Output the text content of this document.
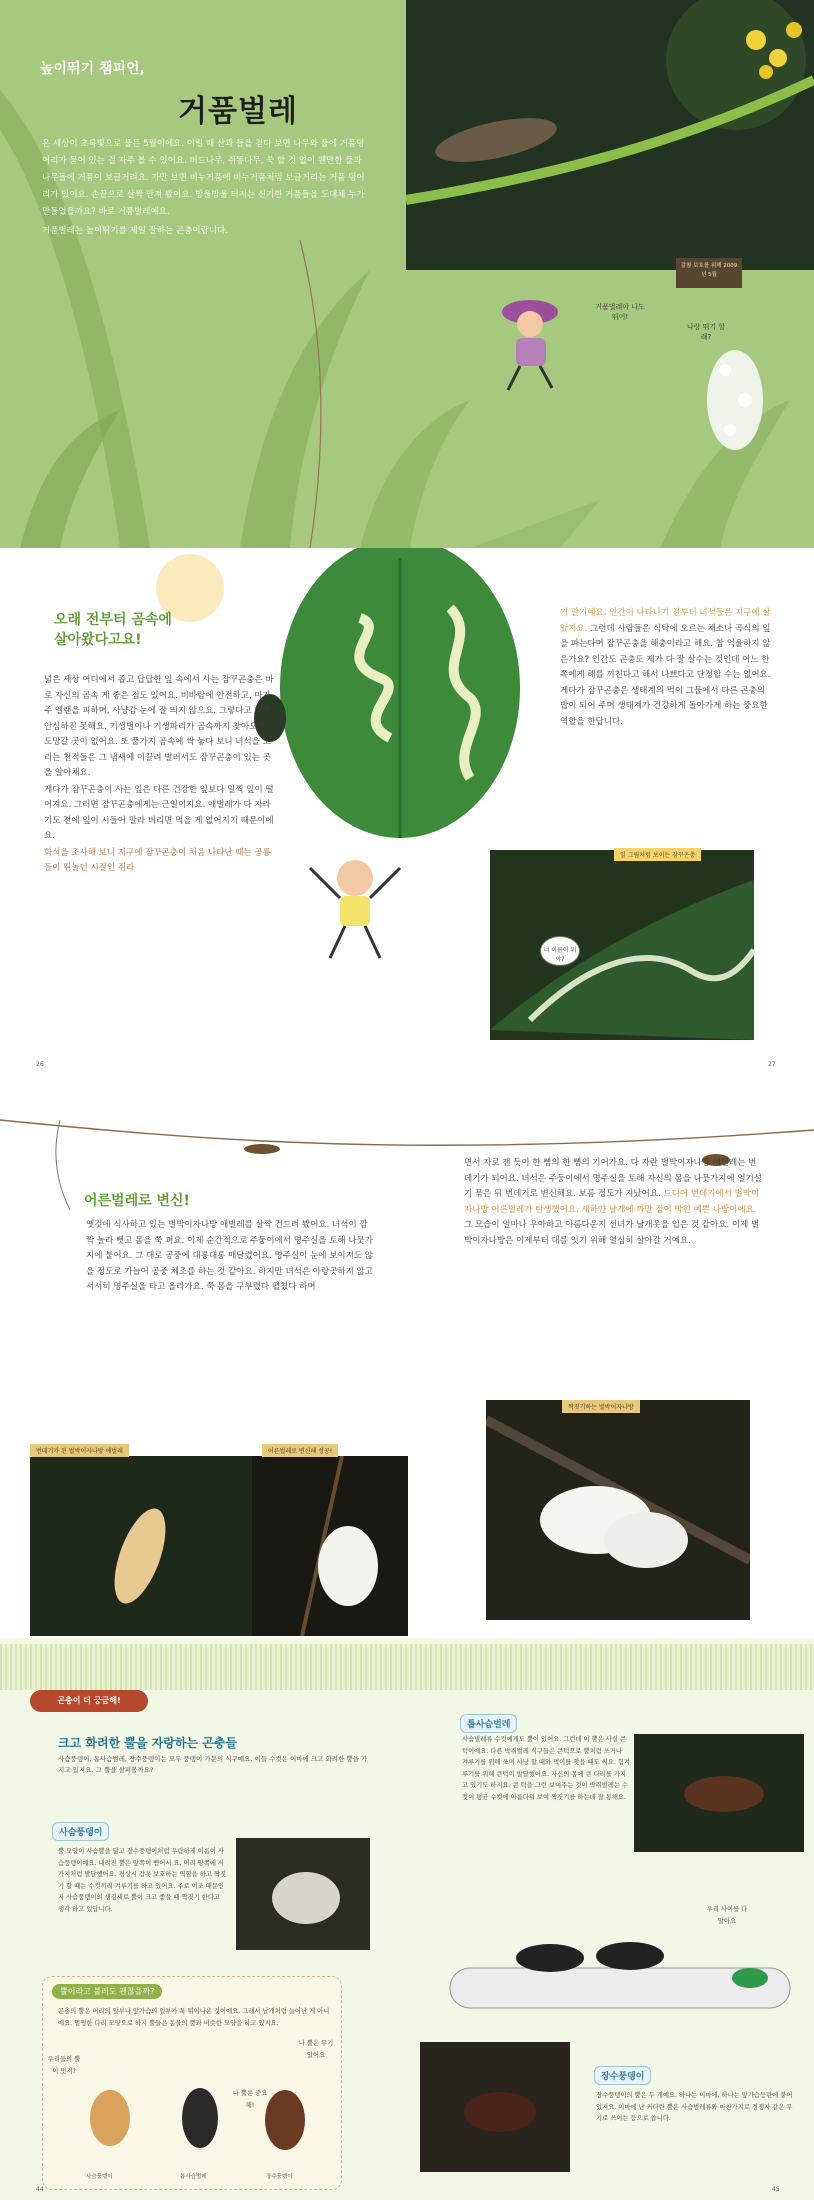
높이뛰기 챔피언,
거품벌레

온 세상이 초록빛으로 물든 5월이에요. 이럴 때 산과 들을 걷다 보면 나무와 풀에 거품덩어리가 묻어 있는 걸 자주 볼 수 있어요. 버드나무, 쥐똥나무, 쑥 할 것 없이 웬만한 풀과 나무들에 거품이 보글거려요. 가만 보면 비누거품에 비누거품처럼 보글거리는 거품 덩어리가 있어요. 손끝으로 살짝 만져 봤어요. 방울방울 터지는 신기한 거품들을 도대체 누가 만들었을까요? 바로 거품벌레예요.

거품벌레는 높이뛰기를 제일 잘하는 곤충이랍니다.

갈참 보호를 위해 2009년 5월
거품벌레야 나도 뛰어!
나랑 뛰기 할래?
오래 전부터 곰속에
살아왔다고요!

넓은 세상 어디에서 좁고 답답한 잎 속에서 사는 잠꾸곤충은 바로 자신의 곰속 게 좋은 점도 있어요. 비바람에 안전하고, 마가주 엘랜을 피하며, 사냥감 눈에 잘 띄지 않으요. 그렇다고 너무 안심하진 못해요. 기생벌이나 기생파리가 곰속까지 찾아오면 도망갈 곳이 없어요. 또 풀가지 곰속에 싹 놓다 보니 녀석을 노리는 천적들은 그 냄새에 이끌려 벌러서도 잠꾸곤충이 있는 곳을 알아채요.

게다가 잠꾸곤충이 사는 잎은 다른 건강한 잎보다 일찍 잎이 떨어져요. 그러면 잠꾸곤충에게는 근일이지요. 애벌레가 다 자라기도 전에 잎이 시들어 말라 버리면 먹을 게 없어지기 때문이에요.

화석을 조사해 보니 지구에 잠꾸곤충이 처음 나타난 때는 공룡들이 뛰놀던 시절인 쥐라

기 말기예요. 인간이 나타나기 전부터 녀석들은 지구에 살았지요. 그런데 사람들은 식탁에 오르는 채소나 곡식의 잎을 파는다며 잠꾸곤충을 해충이라고 해요. 참 억울하지 않은가요? 인간도 곤충도 제가 다 잘 살수는 것인데 어느 한쪽에게 해를 끼친다고 해서 나쁘다고 단정할 수는 없어요. 게다가 잠꾸곤충은 생태계의 먹이 그물에서 다른 곤충의 밥이 되어 주며 생태계가 건강하게 돌아가게 하는 중요한 역할을 한답니다.
잎 그림처럼 보이는 잠꾸곤충
너 이름이 뭐야?
26	27
어른벌레로 변신!
옛것에 식사하고 있는 벌박이자나방 애벌레를 살짝 건드려 봤어요. 녀석이 깜짝 놀라 뻣고 몸을 쭉 펴요. 이제 순간적으로 주둥이에서 명주실을 토해 나뭇가지에 붙어요. 그 대로 공중에 대롱대롱 매달렸어요. 명주실이 눈에 보이지도 않을 정도로 가늘어 공중 체조를 하는 것 같아요. 하지만 녀석은 아랑곳하지 않고 서서히 명주실을 타고 올라가요. 쭉 몸을 구부렸다 펼쳤다 하며
면서 자로 잰 듯이 한 뼘의 한 뼘의 기어가요. 다 자란 벌박이자나방 애벌레는 번데기가 되어요. 녀석은 주둥이에서 명주실을 토해 자신의 몸을 나뭇가지에 얼기설기 묶은 뒤 번데기로 변신해요. 보름 정도가 지났어요. 드디어 번데기에서 벌박이자나방 어른벌레가 탄생했어요. 새하얀 날개에 까만 점이 박힌 예쁜 나방이에요. 그 모습이 얼마나 우아하고 아름다운지 선녀가 날개옷을 입은 것 같아요. 이제 벌박이자나방은 이제부터 대를 잇기 위해 열심히 살아갈 거예요.
번데기가 된 벌박이자나방 애벌레	어른벌레로 변신해 성공!
짝짓기하는 벌박이자나방
곤충이 더 궁금해!
크고 화려한 뿔을 자랑하는 곤충들
사슴풍뎅이, 톱사슴벌레, 장수풍뎅이는 모두 풍뎅이 가문의 식구예요. 이들 수컷은 이마에 크고 화려한 뿔을 가지고 있지요. 그 뿔을 살펴볼까요?
사슴풍뎅이
뿔 모양이 사슴뿔을 닮고 장수풍뎅이처럼 우람하게 이름이 사슴풍뎅이예요. 내려진 뿔은 앞쪽이 뻗어서 요, 머리 양쪽에 서 가지처럼 발달했어요. 평상시 갑옷 보호하는 역할을 하고 짝짓기 할 때는 수컷끼리 겨루기를 하고 있어요. 주로 이조 때문인지 사슴풍뎅이의 생김새로 뿔이 크고 좋을 때 짝짓기 한다고 생각 하고 있답니다.
뿔이라고 불러도 괜찮을까?
곤충의 뿔은 머리의 일부나 앞가슴의 일부가 툭 튀어나온 것이에요. 그래서 날개처럼 늘어난 게 아니에요. 멀쩡한 다리 모양으로 하지 뿔들은 동물의 뿔과 비슷한 모양을 하고 있지요.
우리들의 뿔이 멋져?
나 뿔은 무기 있어요
나 뿔은 중요해!
사슴풍뎅이	톱사슴벌레	장수풍뎅이
톱사슴벌레
사슴벌레류 수컷에게도 뿔이 있어요. 그런데 이 뿔은 사실 큰턱이에요. 다른 박쥐벌레 식구들은 큰턱으로 뿔처럼 쓰거나 겨루기를 위해 쓰며 사냥 할 때와 먹이를 찾을 때도 써요. 힘겨루기를 위해 큰턱이 발달했어요. 자신의 몸에 큰 다리를 가지고 있기도 하지요. 큰 턱을 그런 보여주는 것이 박쥐벌레는 수컷이 평균 수컷에 아름다워 보여 짝짓기를 하는데 잘 통해요.
우리 사이를 다 알아요
장수풍뎅이
장수풍뎅이의 뿔은 두 개예요. 하나는 이마에, 하나는 앞가슴등판에 붙어 있지요. 이마에 난 커다란 뿔은 사슴벌레류와 마찬가지로 경쟁자 같은 무기로 쓰이는 등으로 씁니다.
44	45
